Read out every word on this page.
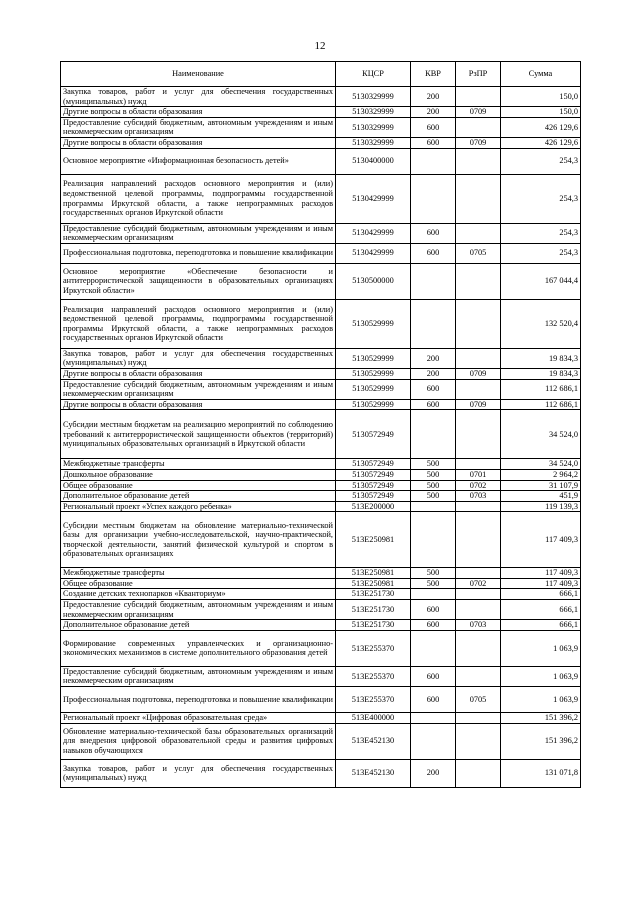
12
Наименование	КЦСР	КВР	РзПР	Сумма
Закупка товаров, работ и услуг для обеспечения государственных (муниципальных) нужд	5130329999	200		150,0
Другие вопросы в области образования	5130329999	200	0709	150,0
Предоставление субсидий бюджетным, автономным учреждениям и иным некоммерческим организациям	5130329999	600		426 129,6
Другие вопросы в области образования	5130329999	600	0709	426 129,6
Основное мероприятие «Информационная безопасность детей»	5130400000			254,3
Реализация направлений расходов основного мероприятия и (или) ведомственной целевой программы, подпрограммы государственной программы Иркутской области, а также непрограммных расходов государственных органов Иркутской области	5130429999			254,3
Предоставление субсидий бюджетным, автономным учреждениям и иным некоммерческим организациям	5130429999	600		254,3
Профессиональная подготовка, переподготовка и повышение квалификации	5130429999	600	0705	254,3
Основное мероприятие «Обеспечение безопасности и антитеррористической защищенности в образовательных организациях Иркутской области»	5130500000			167 044,4
Реализация направлений расходов основного мероприятия и (или) ведомственной целевой программы, подпрограммы государственной программы Иркутской области, а также непрограммных расходов государственных органов Иркутской области	5130529999			132 520,4
Закупка товаров, работ и услуг для обеспечения государственных (муниципальных) нужд	5130529999	200		19 834,3
Другие вопросы в области образования	5130529999	200	0709	19 834,3
Предоставление субсидий бюджетным, автономным учреждениям и иным некоммерческим организациям	5130529999	600		112 686,1
Другие вопросы в области образования	5130529999	600	0709	112 686,1
Субсидии местным бюджетам на реализацию мероприятий по соблюдению требований к антитеррористической защищенности объектов (территорий) муниципальных образовательных организаций в Иркутской области	5130572949			34 524,0
Межбюджетные трансферты	5130572949	500		34 524,0
Дошкольное образование	5130572949	500	0701	2 964,2
Общее образование	5130572949	500	0702	31 107,9
Дополнительное образование детей	5130572949	500	0703	451,9
Региональный проект «Успех каждого ребенка»	513E200000			119 139,3
Субсидии местным бюджетам на обновление материально-технической базы для организации учебно-исследовательской, научно-практической, творческой деятельности, занятий физической культурой и спортом в образовательных организациях	513E250981			117 409,3
Межбюджетные трансферты	513E250981	500		117 409,3
Общее образование	513E250981	500	0702	117 409,3
Создание детских технопарков «Кванториум»	513E251730			666,1
Предоставление субсидий бюджетным, автономным учреждениям и иным некоммерческим организациям	513E251730	600		666,1
Дополнительное образование детей	513E251730	600	0703	666,1
Формирование современных управленческих и организационно-экономических механизмов в системе дополнительного образования детей	513E255370			1 063,9
Предоставление субсидий бюджетным, автономным учреждениям и иным некоммерческим организациям	513E255370	600		1 063,9
Профессиональная подготовка, переподготовка и повышение квалификации	513E255370	600	0705	1 063,9
Региональный проект «Цифровая образовательная среда»	513E400000			151 396,2
Обновление материально-технической базы образовательных организаций для внедрения цифровой образовательной среды и развития цифровых навыков обучающихся	513E452130			151 396,2
Закупка товаров, работ и услуг для обеспечения государственных (муниципальных) нужд	513E452130	200		131 071,8
